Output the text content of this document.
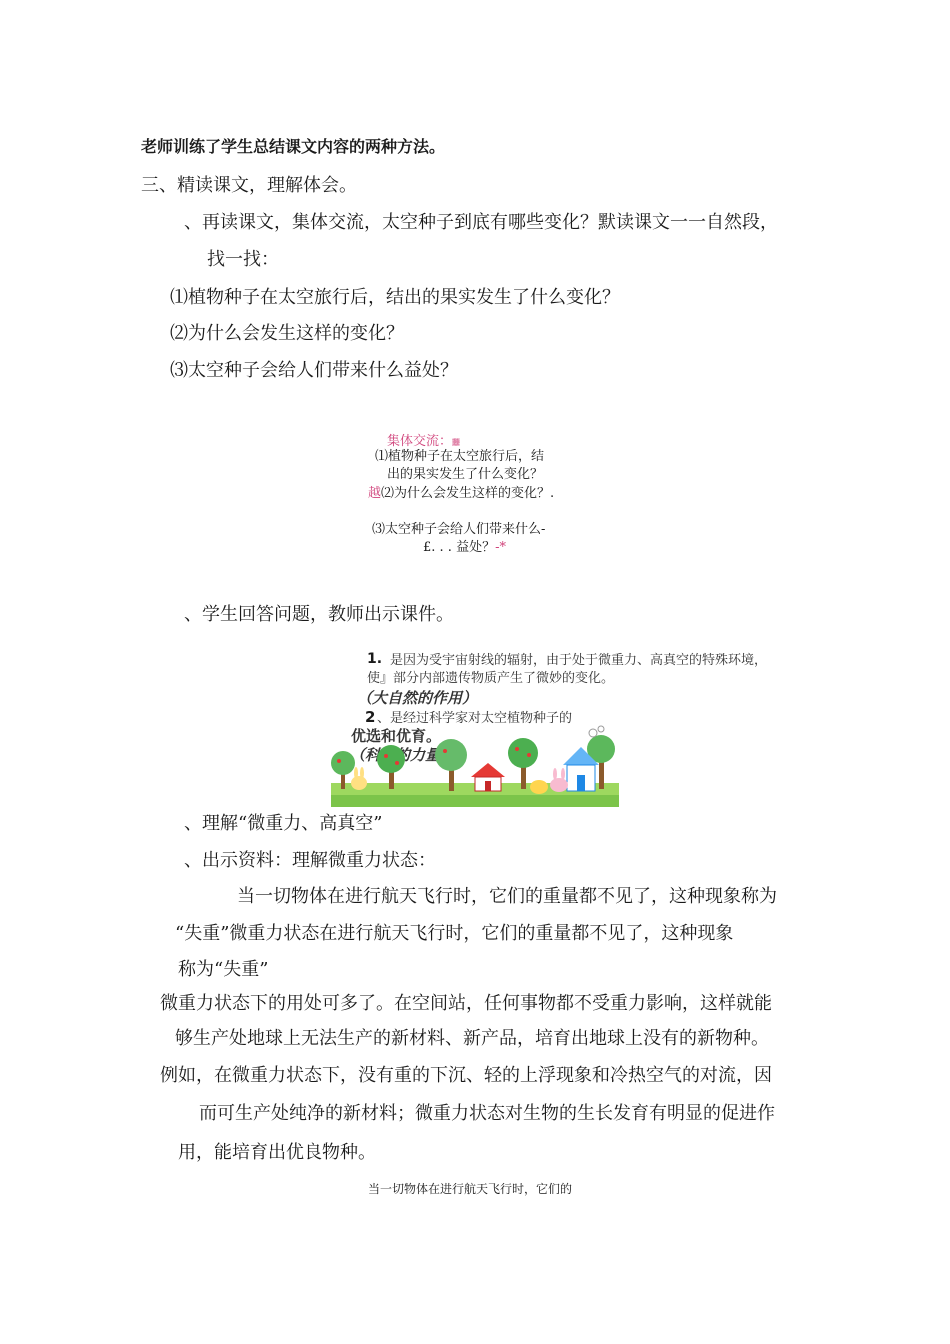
老师训练了学生总结课文内容的两种方法。
三、精读课文，理解体会。
、再读课文，集体交流，太空种子到底有哪些变化？默读课文一一自然段，
找一找：
⑴植物种子在太空旅行后，结出的果实发生了什么变化？
⑵为什么会发生这样的变化？
⑶太空种子会给人们带来什么益处？
集体交流：䨻
⑴植物种子在太空旅行后，结
出的果实发生了什么变化？
越⑵为什么会发生这样的变化？.
⑶太空种子会给人们带来什么-
£. . . 益处？-*
、学生回答问题，教师出示课件。
1. 是因为受宇宙射线的辐射，由于处于微重力、高真空的特殊环境，
使』部分内部遗传物质产生了微妙的变化。
（大自然的作用）
2 、是经过科学家对太空植物种子的
优选和优育。
、理解“微重力、高真空”
、出示资料：理解微重力状态：
当一切物体在进行航天飞行时，它们的重量都不见了，这种现象称为
“失重”微重力状态在进行航天飞行时，它们的重量都不见了，这种现象
称为“失重”
微重力状态下的用处可多了。在空间站，任何事物都不受重力影响，这样就能
够生产处地球上无法生产的新材料、新产品，培育出地球上没有的新物种。
例如，在微重力状态下，没有重的下沉、轻的上浮现象和冷热空气的对流，因
而可生产处纯净的新材料；微重力状态对生物的生长发育有明显的促进作
用，能培育出优良物种。
当一切物体在进行航天飞行时，它们的
